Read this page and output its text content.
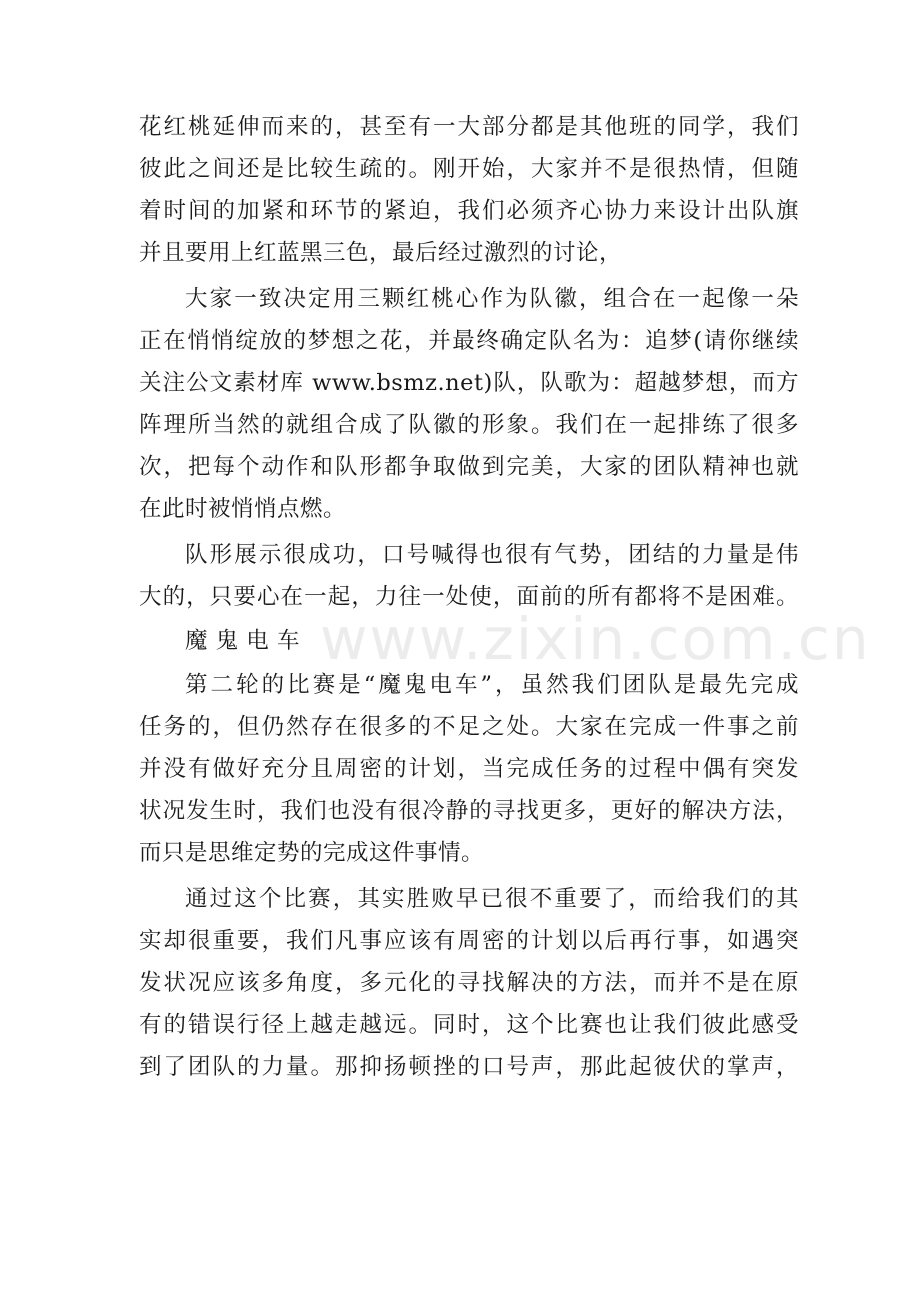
花红桃延伸而来的，甚至有一大部分都是其他班的同学，我们
彼此之间还是比较生疏的。刚开始，大家并不是很热情，但随
着时间的加紧和环节的紧迫，我们必须齐心协力来设计出队旗
并且要用上红蓝黑三色，最后经过激烈的讨论，
大家一致决定用三颗红桃心作为队徽，组合在一起像一朵
正在悄悄绽放的梦想之花，并最终确定队名为：追梦(请你继续
关注公文素材库 www.bsmz.net)队，队歌为：超越梦想，而方
阵理所当然的就组合成了队徽的形象。我们在一起排练了很多
次，把每个动作和队形都争取做到完美，大家的团队精神也就
在此时被悄悄点燃。
队形展示很成功，口号喊得也很有气势，团结的力量是伟
大的，只要心在一起，力往一处使，面前的所有都将不是困难。
魔 鬼 电 车
第二轮的比赛是“魔鬼电车”，虽然我们团队是最先完成
任务的，但仍然存在很多的不足之处。大家在完成一件事之前
并没有做好充分且周密的计划，当完成任务的过程中偶有突发
状况发生时，我们也没有很冷静的寻找更多，更好的解决方法，
而只是思维定势的完成这件事情。
通过这个比赛，其实胜败早已很不重要了，而给我们的其
实却很重要，我们凡事应该有周密的计划以后再行事，如遇突
发状况应该多角度，多元化的寻找解决的方法，而并不是在原
有的错误行径上越走越远。同时，这个比赛也让我们彼此感受
到了团队的力量。那抑扬顿挫的口号声，那此起彼伏的掌声，
www.zixin.com.cn
